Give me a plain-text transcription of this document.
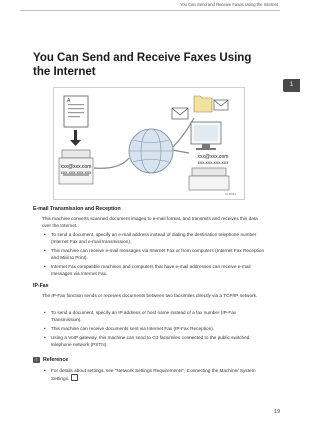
You Can Send and Receive Faxes Using the Internet
1
You Can Send and Receive Faxes Using the Internet
A
xxx@xxx.com
xxx.xxx.xxx.xxx
xxx@xxx.com
xxx.xxx.xxx.xxx
CLB054
E-mail Transmission and Reception
This machine converts scanned document images to e-mail format, and transmits and receives this data over the Internet.
• To send a document, specify an e-mail address instead of dialing the destination telephone number (Internet Fax and e-mail transmission).
• This machine can receive e-mail messages via Internet Fax or from computers (Internet Fax Reception and Mail to Print).
• Internet Fax compatible machines and computers that have e-mail addresses can receive e-mail messages via Internet Fax.
IP-Fax
The IP-Fax function sends or receives documents between two facsimiles directly via a TCP/IP network.
• To send a document, specify an IP address or host name instead of a fax number (IP-Fax Transmission).
• This machine can receive documents sent via Internet Fax (IP-Fax Reception).
• Using a VoIP gateway, this machine can send to G3 facsimiles connected to the public switched telephone network (PSTN).
≡	Reference
• For details about settings, see "Network Settings Requirements", Connecting the Machine/ System Settings.
19
